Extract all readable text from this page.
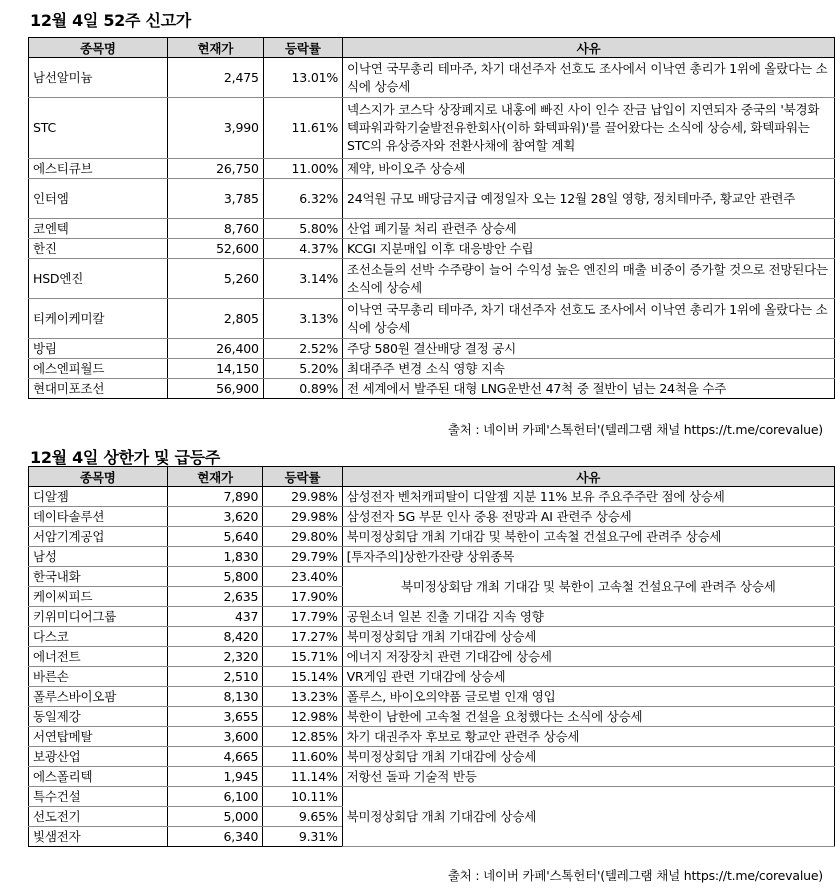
12월 4일 52주 신고가
종목명	현재가	등락률	사유
남선알미늄	2,475	13.01%	이낙연 국무총리 테마주, 차기 대선주자 선호도 조사에서 이낙연 총리가 1위에 올랐다는 소식에 상승세
STC	3,990	11.61%	넥스지가 코스닥 상장폐지로 내홍에 빠진 사이 인수 잔금 납입이 지연되자 중국의 '북경화텍파워과학기술발전유한회사(이하 화텍파워)'를 끌어왔다는 소식에 상승세, 화텍파워는 STC의 유상증자와 전환사채에 참여할 계획
에스티큐브	26,750	11.00%	제약, 바이오주 상승세
인터엠	3,785	6.32%	24억원 규모 배당금지급 예정일자 오는 12월 28일 영향, 정치테마주, 황교안 관련주
코엔텍	8,760	5.80%	산업 폐기물 처리 관련주 상승세
한진	52,600	4.37%	KCGI 지분매입 이후 대응방안 수립
HSD엔진	5,260	3.14%	조선소들의 선박 수주량이 늘어 수익성 높은 엔진의 매출 비중이 증가할 것으로 전망된다는 소식에 상승세
티케이케미칼	2,805	3.13%	이낙연 국무총리 테마주, 차기 대선주자 선호도 조사에서 이낙연 총리가 1위에 올랐다는 소식에 상승세
방림	26,400	2.52%	주당 580원 결산배당 결정 공시
에스엔피월드	14,150	5.20%	최대주주 변경 소식 영향 지속
현대미포조선	56,900	0.89%	전 세계에서 발주된 대형 LNG운반선 47척 중 절반이 넘는 24척을 수주
출처 : 네이버 카페'스톡헌터'(텔레그램 채널 https://t.me/corevalue)
12월 4일 상한가 및 급등주
종목명	현재가	등락률	사유
디알젬	7,890	29.98%	삼성전자 벤처캐피탈이 디알젬 지분 11% 보유 주요주주란 점에 상승세
데이타솔루션	3,620	29.98%	삼성전자 5G 부문 인사 중용 전망과 AI 관련주 상승세
서암기계공업	5,640	29.80%	북미정상회담 개최 기대감 및 북한이 고속철 건설요구에 관려주 상승세
남성	1,830	29.79%	[투자주의]상한가잔량 상위종목
한국내화	5,800	23.40%	북미정상회담 개최 기대감 및 북한이 고속철 건설요구에 관려주 상승세
케이씨피드	2,635	17.90%	
키위미디어그룹	437	17.79%	공원소녀 일본 진출 기대감 지속 영향
다스코	8,420	17.27%	북미정상회담 개최 기대감에 상승세
에너전트	2,320	15.71%	에너지 저장장치 관련 기대감에 상승세
바른손	2,510	15.14%	VR게임 관련 기대감에 상승세
폴루스바이오팜	8,130	13.23%	폴루스, 바이오의약품 글로벌 인재 영입
동일제강	3,655	12.98%	북한이 남한에 고속철 건설을 요청했다는 소식에 상승세
서연탑메탈	3,600	12.85%	차기 대권주자 후보로 황교안 관련주 상승세
보광산업	4,665	11.60%	북미정상회담 개최 기대감에 상승세
에스폴리텍	1,945	11.14%	저항선 돌파 기술적 반등
특수건설	6,100	10.11%	북미정상회담 개최 기대감에 상승세
선도전기	5,000	9.65%	
빛샘전자	6,340	9.31%	
출처 : 네이버 카페'스톡헌터'(텔레그램 채널 https://t.me/corevalue)
